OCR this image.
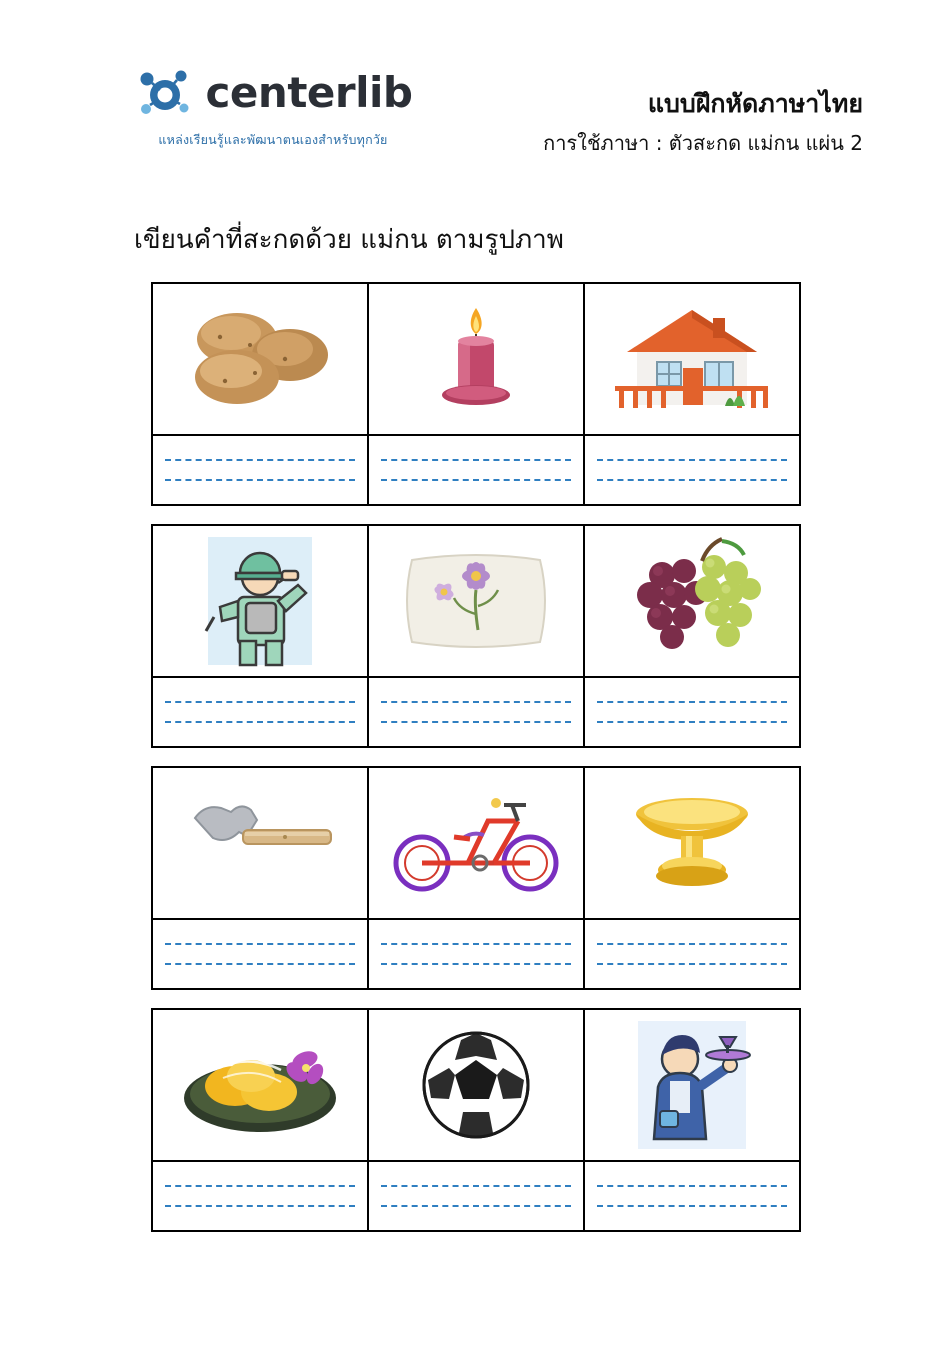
centerlib
แหล่งเรียนรู้และพัฒนาตนเองสำหรับทุกวัย
แบบฝึกหัดภาษาไทย
การใช้ภาษา : ตัวสะกด แม่กน แผ่น 2
เขียนคำที่สะกดด้วย แม่กน ตามรูปภาพ
